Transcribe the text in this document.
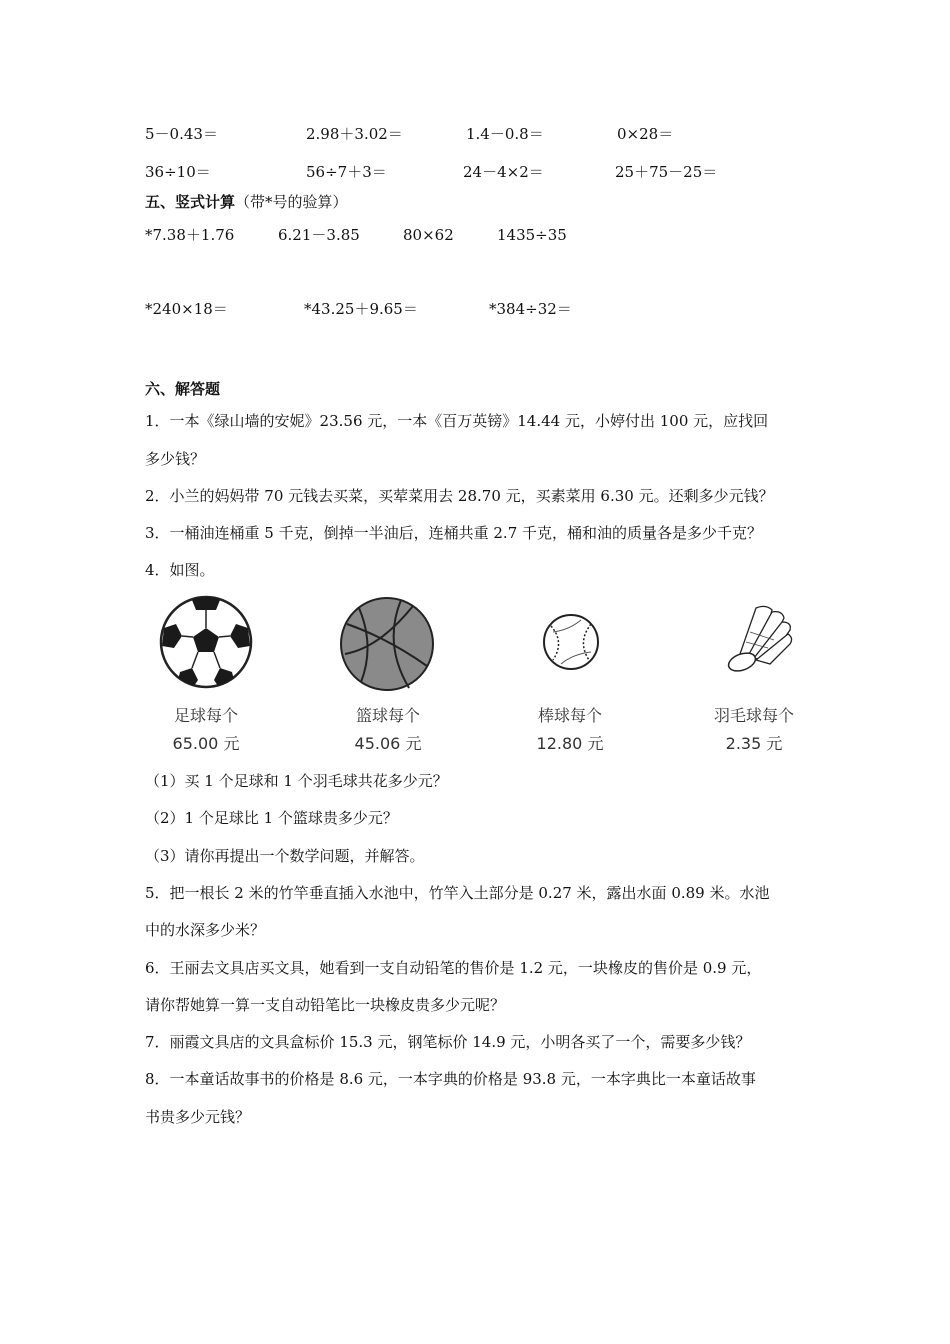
5－0.43＝	2.98＋3.02＝	1.4－0.8＝	0×28＝
36÷10＝	56÷7＋3＝	24－4×2＝	25＋75－25＝
五、竖式计算（带*号的验算）
*7.38＋1.76	6.21－3.85	80×62	1435÷35
*240×18＝	*43.25＋9.65＝	*384÷32＝
六、解答题
1．一本《绿山墙的安妮》23.56 元，一本《百万英镑》14.44 元，小婷付出 100 元，应找回
多少钱？
2．小兰的妈妈带 70 元钱去买菜，买荤菜用去 28.70 元，买素菜用 6.30 元。还剩多少元钱？
3．一桶油连桶重 5 千克，倒掉一半油后，连桶共重 2.7 千克，桶和油的质量各是多少千克？
4．如图。
足球每个
65.00 元
篮球每个
45.06 元
棒球每个
12.80 元
羽毛球每个
2.35 元
（1）买 1 个足球和 1 个羽毛球共花多少元？
（2）1 个足球比 1 个篮球贵多少元？
（3）请你再提出一个数学问题，并解答。
5．把一根长 2 米的竹竿垂直插入水池中，竹竿入土部分是 0.27 米，露出水面 0.89 米。水池
中的水深多少米？
6．王丽去文具店买文具，她看到一支自动铅笔的售价是 1.2 元，一块橡皮的售价是 0.9 元，
请你帮她算一算一支自动铅笔比一块橡皮贵多少元呢？
7．丽霞文具店的文具盒标价 15.3 元，钢笔标价 14.9 元，小明各买了一个，需要多少钱？
8．一本童话故事书的价格是 8.6 元，一本字典的价格是 93.8 元，一本字典比一本童话故事
书贵多少元钱？
